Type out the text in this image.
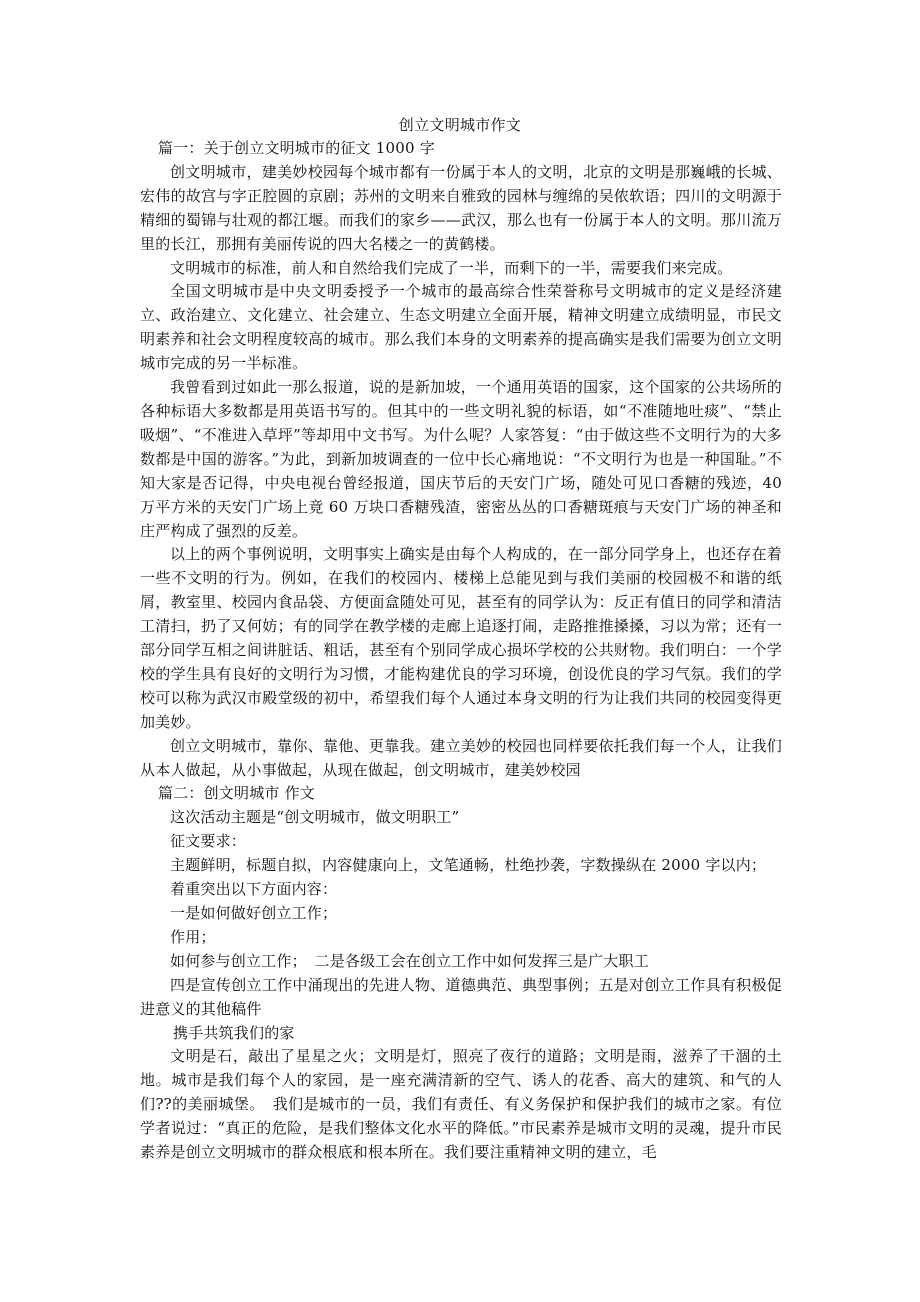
创立文明城市作文

篇一：关于创立文明城市的征文 1000 字

创文明城市，建美妙校园每个城市都有一份属于本人的文明，北京的文明是那巍峨的长城、宏伟的故宫与字正腔圆的京剧；苏州的文明来自雅致的园林与缠绵的吴侬软语；四川的文明源于精细的蜀锦与壮观的都江堰。而我们的家乡——武汉，那么也有一份属于本人的文明。那川流万里的长江，那拥有美丽传说的四大名楼之一的黄鹤楼。

文明城市的标准，前人和自然给我们完成了一半，而剩下的一半，需要我们来完成。

全国文明城市是中央文明委授予一个城市的最高综合性荣誉称号文明城市的定义是经济建立、政治建立、文化建立、社会建立、生态文明建立全面开展，精神文明建立成绩明显，市民文明素养和社会文明程度较高的城市。那么我们本身的文明素养的提高确实是我们需要为创立文明城市完成的另一半标准。

我曾看到过如此一那么报道，说的是新加坡，一个通用英语的国家，这个国家的公共场所的各种标语大多数都是用英语书写的。但其中的一些文明礼貌的标语，如“不准随地吐痰”、“禁止吸烟”、“不准进入草坪”等却用中文书写。为什么呢？人家答复：“由于做这些不文明行为的大多数都是中国的游客。”为此，到新加坡调查的一位中长心痛地说：“不文明行为也是一种国耻。”不知大家是否记得，中央电视台曾经报道，国庆节后的天安门广场，随处可见口香糖的残迹，40 万平方米的天安门广场上竟 60 万块口香糖残渣，密密丛丛的口香糖斑痕与天安门广场的神圣和庄严构成了强烈的反差。

以上的两个事例说明，文明事实上确实是由每个人构成的，在一部分同学身上，也还存在着一些不文明的行为。例如，在我们的校园内、楼梯上总能见到与我们美丽的校园极不和谐的纸屑，教室里、校园内食品袋、方便面盒随处可见，甚至有的同学认为：反正有值日的同学和清洁工清扫，扔了又何妨；有的同学在教学楼的走廊上追逐打闹，走路推推搡搡，习以为常；还有一部分同学互相之间讲脏话、粗话，甚至有个别同学成心损坏学校的公共财物。我们明白：一个学校的学生具有良好的文明行为习惯，才能构建优良的学习环境，创设优良的学习气氛。我们的学校可以称为武汉市殿堂级的初中，希望我们每个人通过本身文明的行为让我们共同的校园变得更加美妙。

创立文明城市，靠你、靠他、更靠我。建立美妙的校园也同样要依托我们每一个人，让我们从本人做起，从小事做起，从现在做起，创文明城市，建美妙校园

篇二：创文明城市 作文

这次活动主题是“创文明城市，做文明职工”

征文要求：

主题鲜明，标题自拟，内容健康向上，文笔通畅，杜绝抄袭，字数操纵在 2000 字以内；

着重突出以下方面内容：

一是如何做好创立工作；

作用；

如何参与创立工作；　二是各级工会在创立工作中如何发挥三是广大职工

四是宣传创立工作中涌现出的先进人物、道德典范、典型事例；五是对创立工作具有积极促进意义的其他稿件

携手共筑我们的家

文明是石，敲出了星星之火；文明是灯，照亮了夜行的道路；文明是雨，滋养了干涸的土地。城市是我们每个人的家园，是一座充满清新的空气、诱人的花香、高大的建筑、和气的人们??的美丽城堡。　我们是城市的一员，我们有责任、有义务保护和保护我们的城市之家。有位学者说过：“真正的危险，是我们整体文化水平的降低。”市民素养是城市文明的灵魂，提升市民素养是创立文明城市的群众根底和根本所在。我们要注重精神文明的建立，毛
